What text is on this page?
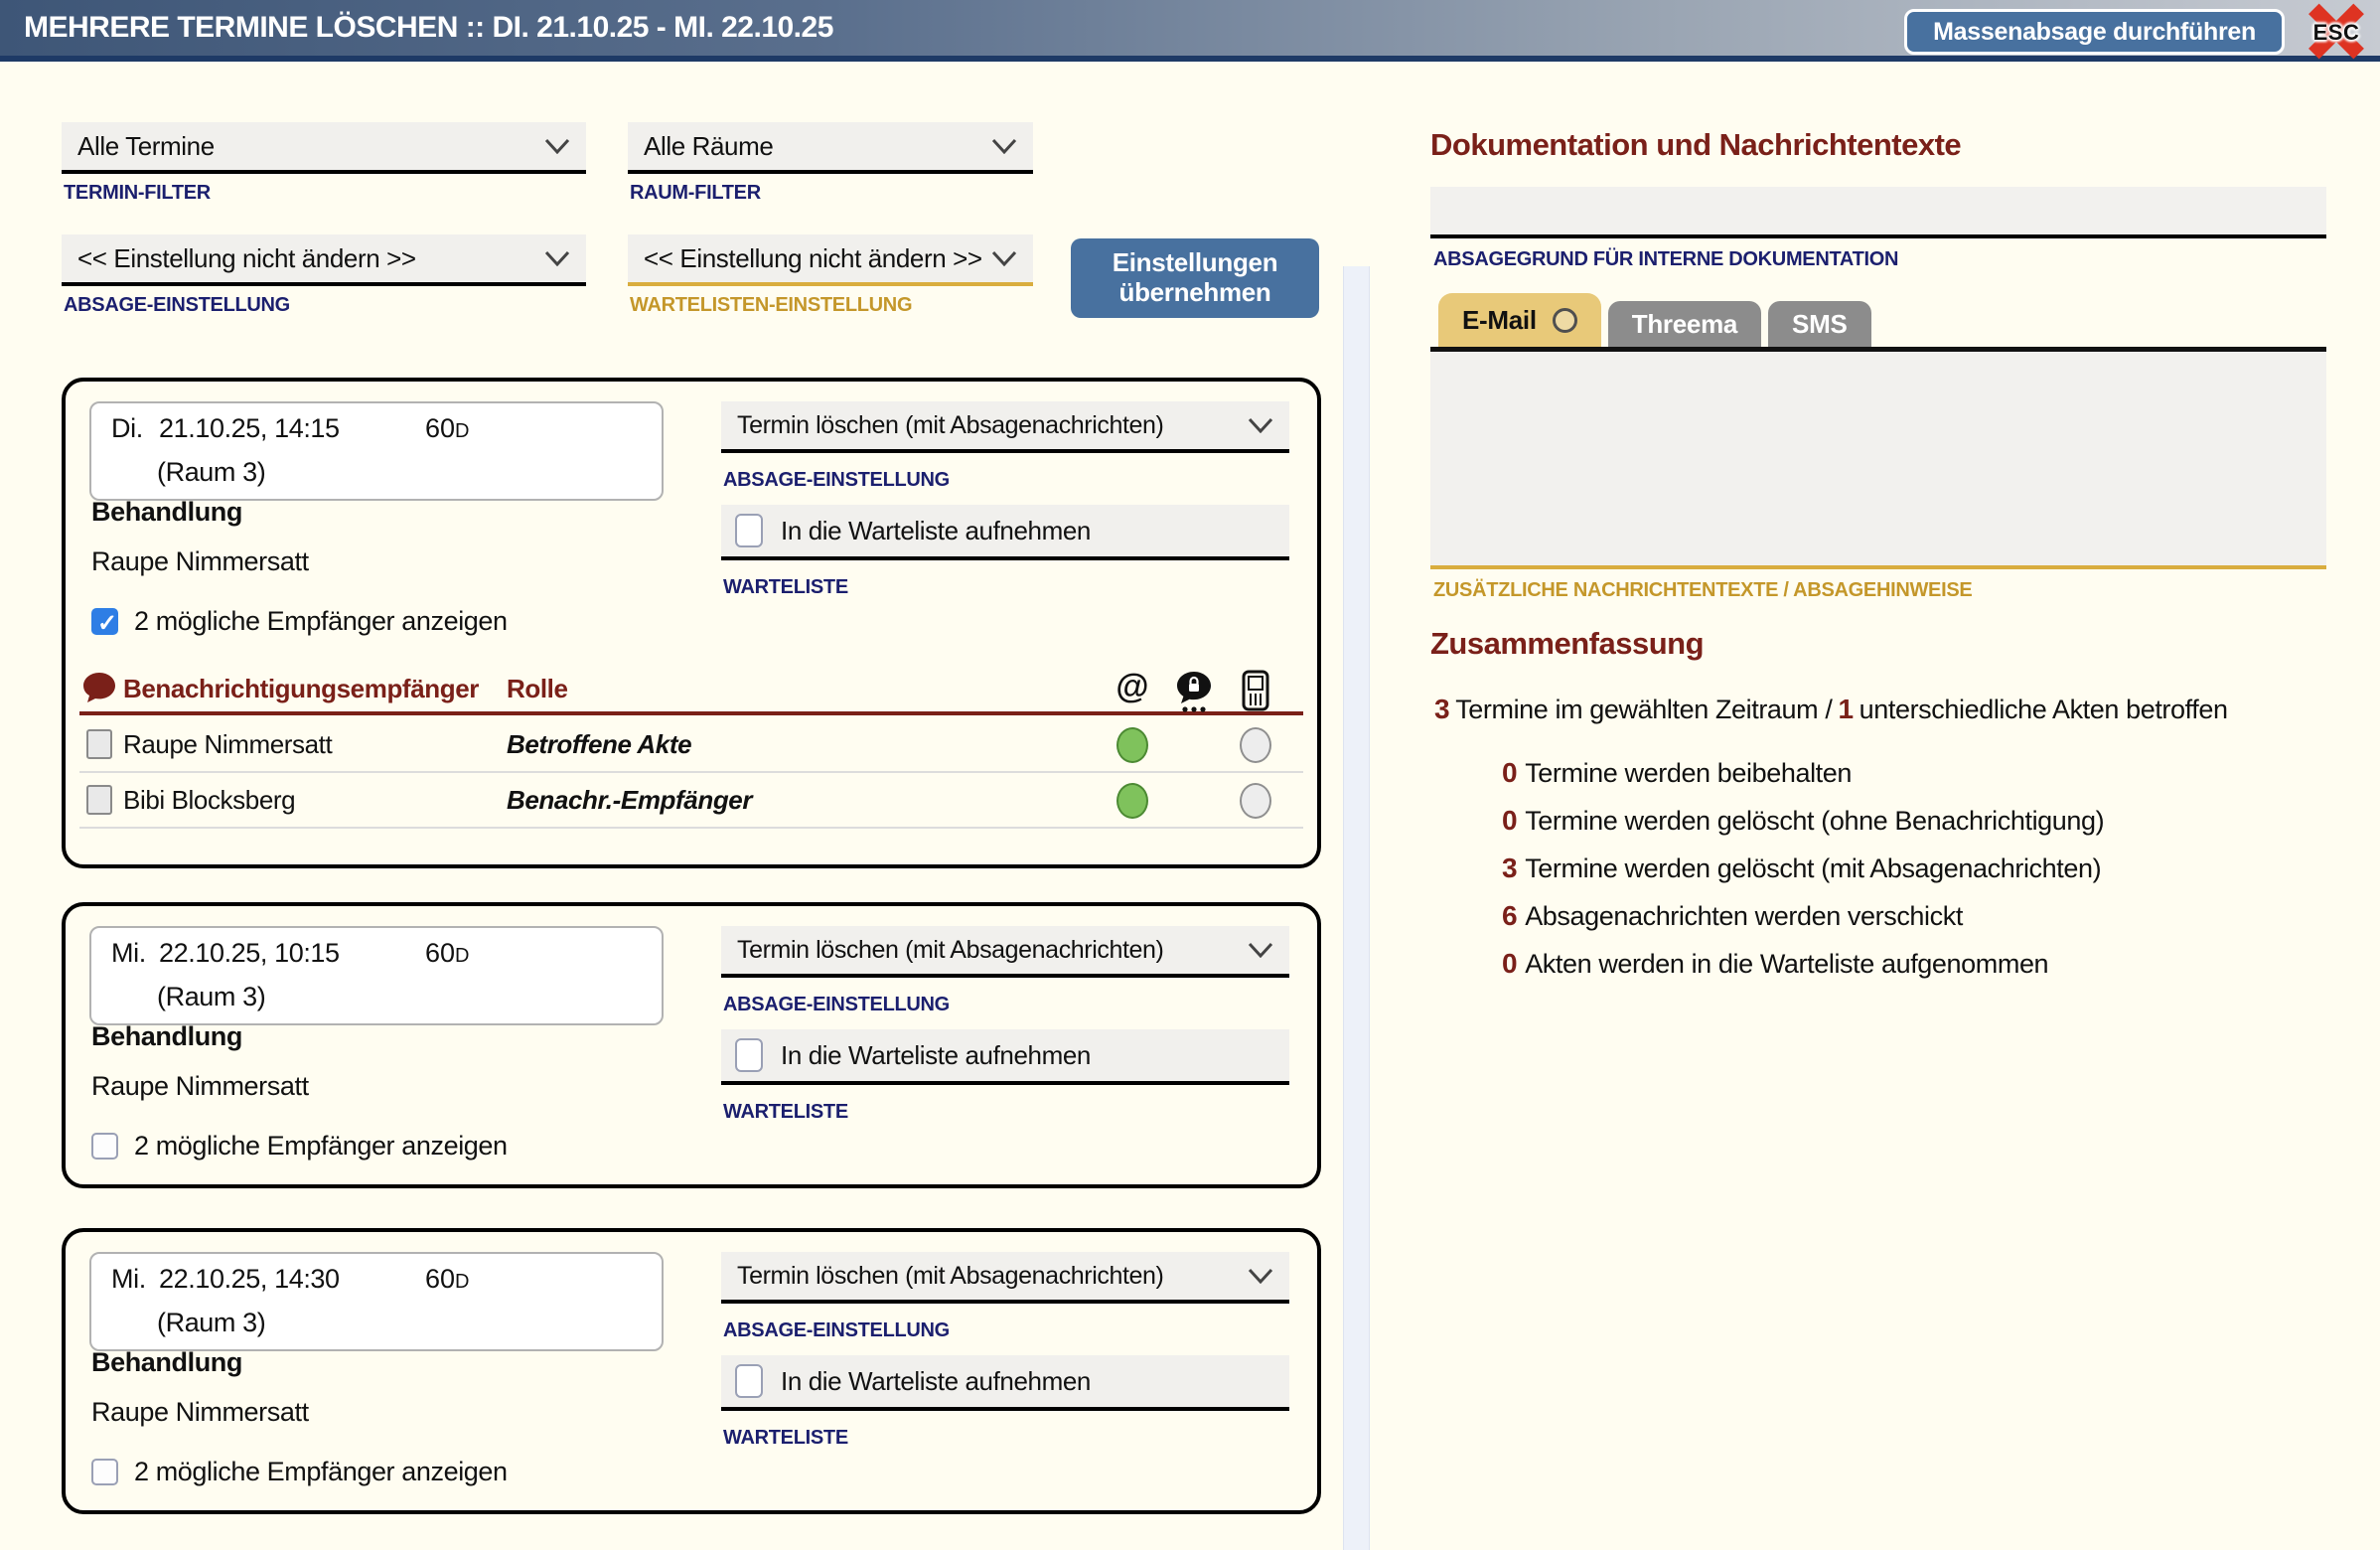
MEHRERE TERMINE LÖSCHEN :: DI. 21.10.25 - MI. 22.10.25	Massenabsage durchführen	ESC
Alle Termine
TERMIN-FILTER
Alle Räume
RAUM-FILTER
<< Einstellung nicht ändern >>
ABSAGE-EINSTELLUNG
<< Einstellung nicht ändern >>
WARTELISTEN-EINSTELLUNG
Einstellungen übernehmen
Di. 21.10.25, 14:15	60D
(Raum 3)
Behandlung
Raupe Nimmersatt
✓
2 mögliche Empfänger anzeigen
Termin löschen (mit Absagenachrichten)
ABSAGE-EINSTELLUNG
In die Warteliste aufnehmen
WARTELISTE
Benachrichtigungsempfänger Rolle	@
Raupe Nimmersatt	Betroffene Akte
Bibi Blocksberg	Benachr.-Empfänger
Mi. 22.10.25, 10:15	60D
(Raum 3)
Behandlung
Raupe Nimmersatt
2 mögliche Empfänger anzeigen
Termin löschen (mit Absagenachrichten)
ABSAGE-EINSTELLUNG
In die Warteliste aufnehmen
WARTELISTE
Mi. 22.10.25, 14:30	60D
(Raum 3)
Behandlung
Raupe Nimmersatt
2 mögliche Empfänger anzeigen
Termin löschen (mit Absagenachrichten)
ABSAGE-EINSTELLUNG
In die Warteliste aufnehmen
WARTELISTE
Dokumentation und Nachrichtentexte
ABSAGEGRUND FÜR INTERNE DOKUMENTATION
E-Mail	Threema SMS
ZUSÄTZLICHE NACHRICHTENTEXTE / ABSAGEHINWEISE
Zusammenfassung
3 Termine im gewählten Zeitraum / 1 unterschiedliche Akten betroffen
0 Termine werden beibehalten
0 Termine werden gelöscht (ohne Benachrichtigung)
3 Termine werden gelöscht (mit Absagenachrichten)
6 Absagenachrichten werden verschickt
0 Akten werden in die Warteliste aufgenommen
